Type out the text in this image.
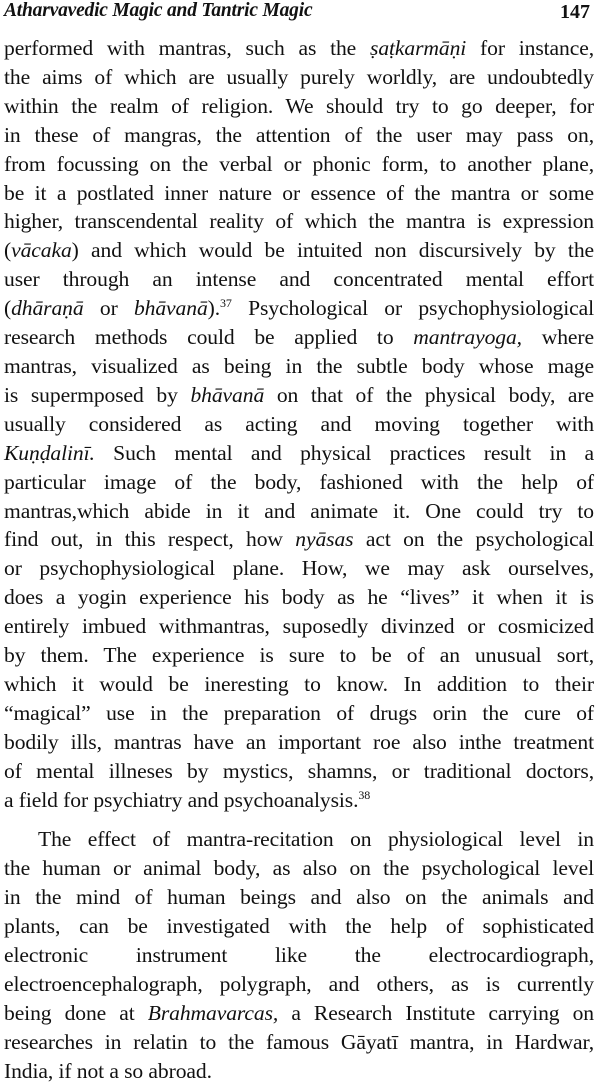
Atharvavedic Magic and Tantric Magic	147

performed with mantras, such as the ṣaṭkarmāṇi for instance,
the aims of which are usually purely worldly, are undoubtedly
within the realm of religion. We should try to go deeper, for
in these of mangras, the attention of the user may pass on,
from focussing on the verbal or phonic form, to another plane,
be it a postlated inner nature or essence of the mantra or some
higher, transcendental reality of which the mantra is expression
(vācaka) and which would be intuited non discursively by the
user through an intense and concentrated mental effort
(dhāraṇā or bhāvanā).$^{37}$ Psychological or psychophysiological
research methods could be applied to mantrayoga, where
mantras, visualized as being in the subtle body whose mage
is supermposed by bhāvanā on that of the physical body, are
usually considered as acting and moving together with
Kuṇḍalinī. Such mental and physical practices result in a
particular image of the body, fashioned with the help of
mantras,which abide in it and animate it. One could try to
find out, in this respect, how nyāsas act on the psychological
or psychophysiological plane. How, we may ask ourselves,
does a yogin experience his body as he “lives” it when it is
entirely imbued withmantras, suposedly divinzed or cosmicized
by them. The experience is sure to be of an unusual sort,
which it would be ineresting to know. In addition to their
“magical” use in the preparation of drugs orin the cure of
bodily ills, mantras have an important roe also inthe treatment
of mental illneses by mystics, shamns, or traditional doctors,
a field for psychiatry and psychoanalysis.$^{38}$

The effect of mantra-recitation on physiological level in
the human or animal body, as also on the psychological level
in the mind of human beings and also on the animals and
plants, can be investigated with the help of sophisticated
electronic instrument like the electrocardiograph,
electroencephalograph, polygraph, and others, as is currently
being done at Brahmavarcas, a Research Institute carrying on
researches in relatin to the famous Gāyatī mantra, in Hardwar,
India, if not a so abroad.
